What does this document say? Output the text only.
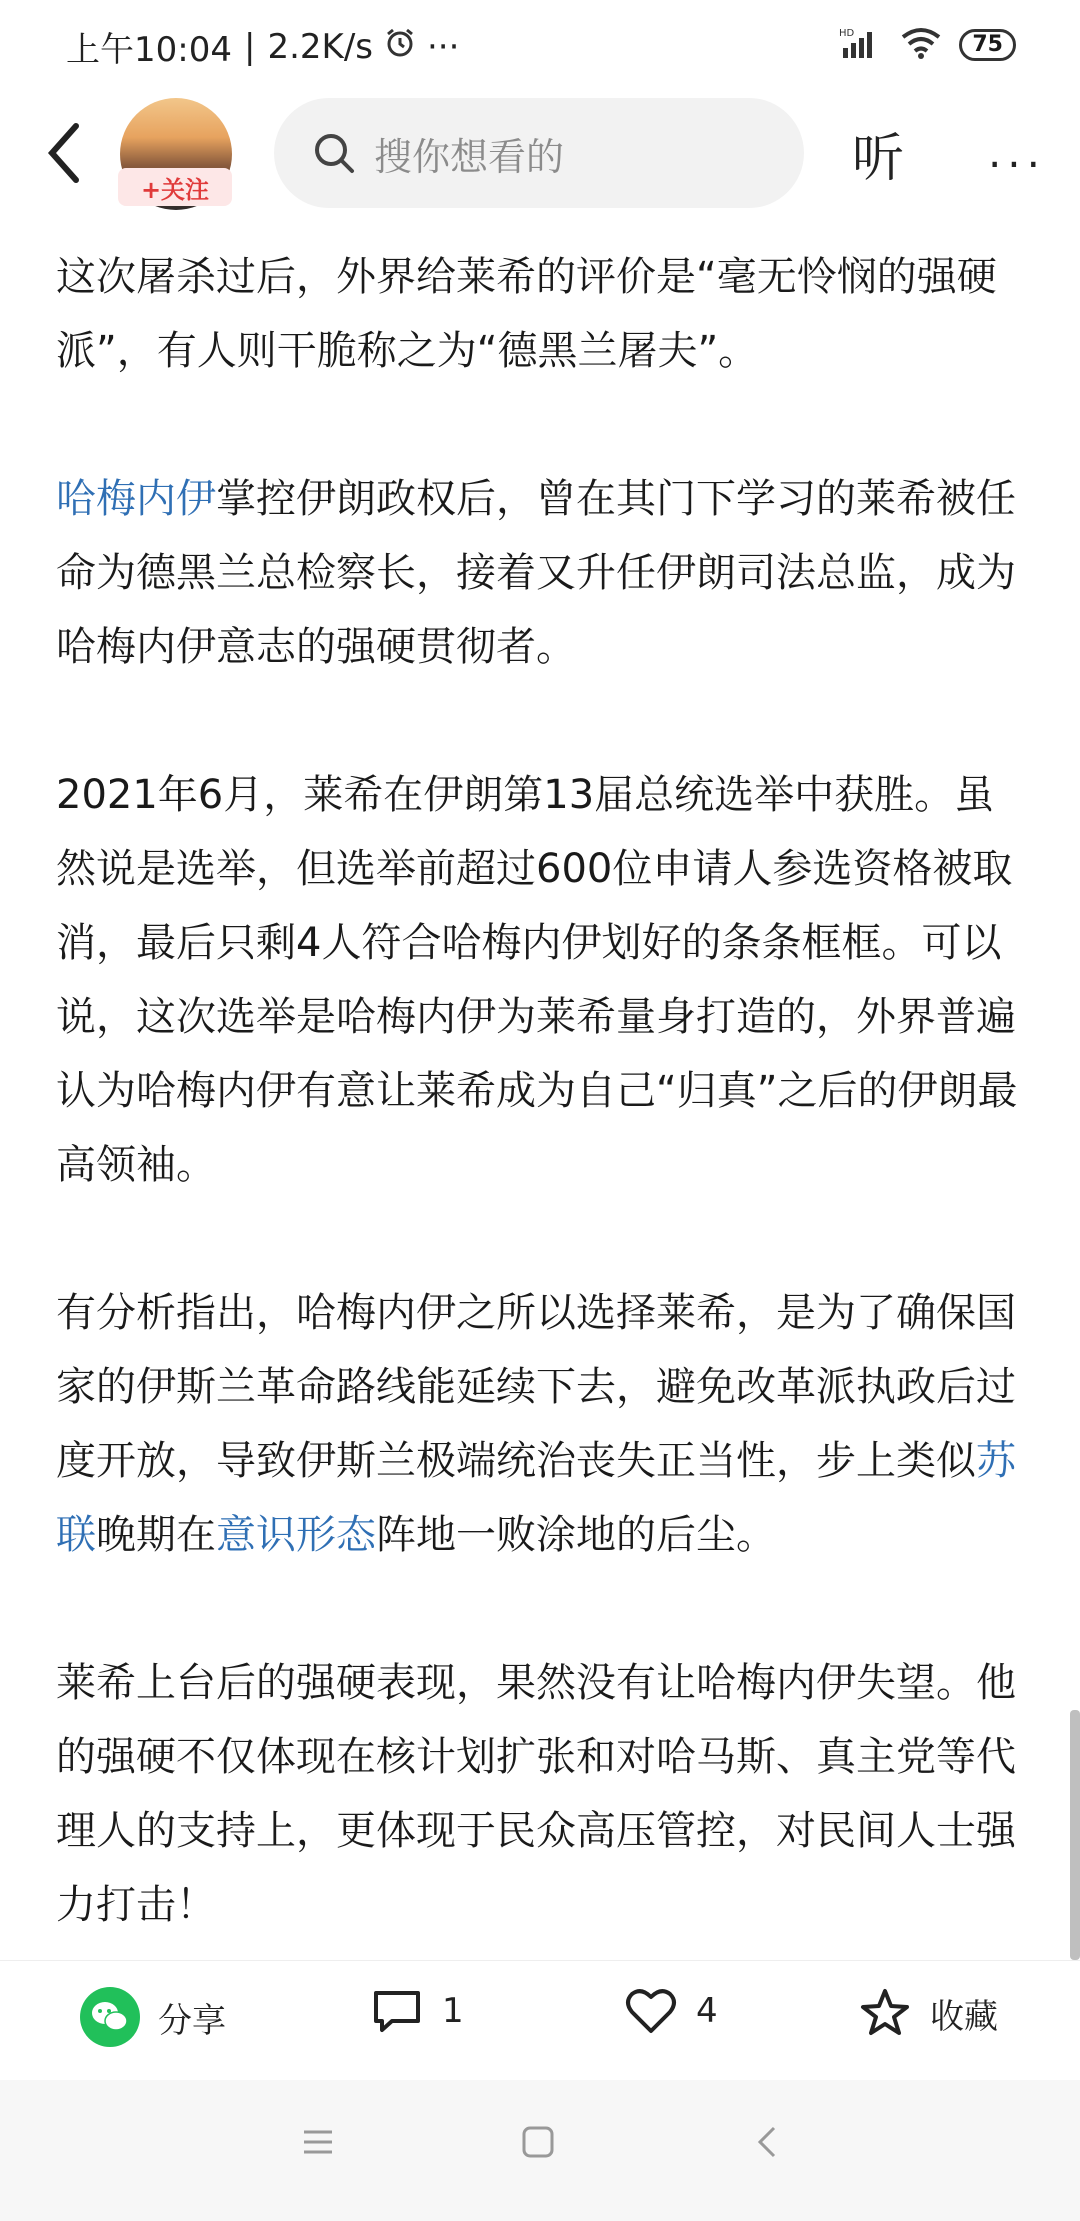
上午10:04 | 2.2K/s ···	HD	75
+关注
搜你想看的	听 ···

这次屠杀过后，外界给莱希的评价是“毫无怜悯的强硬派”，有人则干脆称之为“德黑兰屠夫”。

哈梅内伊掌控伊朗政权后，曾在其门下学习的莱希被任命为德黑兰总检察长，接着又升任伊朗司法总监，成为哈梅内伊意志的强硬贯彻者。

2021年6月，莱希在伊朗第13届总统选举中获胜。虽然说是选举，但选举前超过600位申请人参选资格被取消，最后只剩4人符合哈梅内伊划好的条条框框。可以说，这次选举是哈梅内伊为莱希量身打造的，外界普遍认为哈梅内伊有意让莱希成为自己“归真”之后的伊朗最高领袖。

有分析指出，哈梅内伊之所以选择莱希，是为了确保国家的伊斯兰革命路线能延续下去，避免改革派执政后过度开放，导致伊斯兰极端统治丧失正当性，步上类似苏联晚期在意识形态阵地一败涂地的后尘。

莱希上台后的强硬表现，果然没有让哈梅内伊失望。他的强硬不仅体现在核计划扩张和对哈马斯、真主党等代理人的支持上，更体现于民众高压管控，对民间人士强力打击！

分享	1	4	收藏
